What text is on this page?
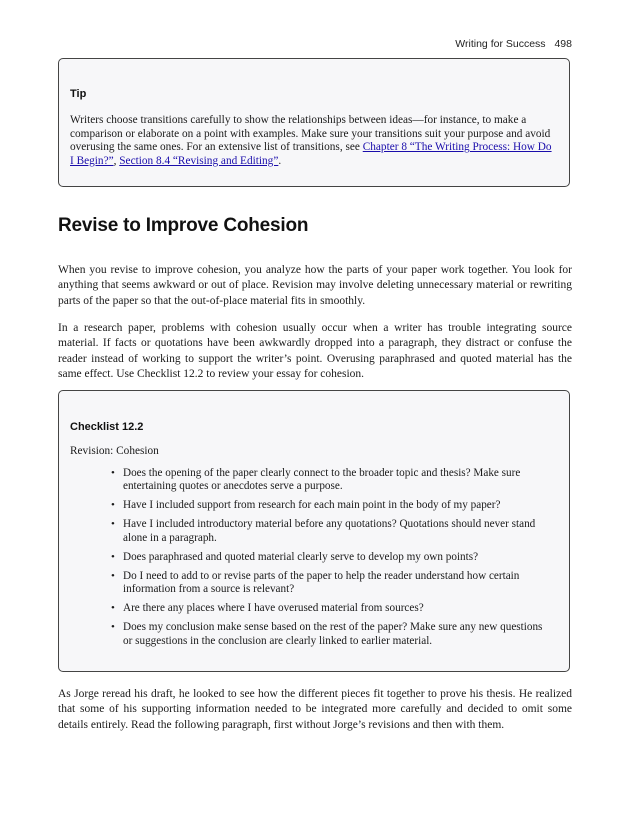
Writing for Success 498

Tip

Writers choose transitions carefully to show the relationships between ideas—for instance, to make a comparison or elaborate on a point with examples. Make sure your transitions suit your purpose and avoid overusing the same ones. For an extensive list of transitions, see Chapter 8 “The Writing Process: How Do I Begin?”, Section 8.4 “Revising and Editing”.

Revise to Improve Cohesion

When you revise to improve cohesion, you analyze how the parts of your paper work together. You look for anything that seems awkward or out of place. Revision may involve deleting unnecessary material or rewriting parts of the paper so that the out-of-place material fits in smoothly.

In a research paper, problems with cohesion usually occur when a writer has trouble integrating source material. If facts or quotations have been awkwardly dropped into a paragraph, they distract or confuse the reader instead of working to support the writer’s point. Overusing paraphrased and quoted material has the same effect. Use Checklist 12.2 to review your essay for cohesion.

Checklist 12.2

Revision: Cohesion

• Does the opening of the paper clearly connect to the broader topic and thesis? Make sure entertaining quotes or anecdotes serve a purpose.
• Have I included support from research for each main point in the body of my paper?
• Have I included introductory material before any quotations? Quotations should never stand alone in a paragraph.
• Does paraphrased and quoted material clearly serve to develop my own points?
• Do I need to add to or revise parts of the paper to help the reader understand how certain information from a source is relevant?
• Are there any places where I have overused material from sources?
• Does my conclusion make sense based on the rest of the paper? Make sure any new questions or suggestions in the conclusion are clearly linked to earlier material.

As Jorge reread his draft, he looked to see how the different pieces fit together to prove his thesis. He realized that some of his supporting information needed to be integrated more carefully and decided to omit some details entirely. Read the following paragraph, first without Jorge’s revisions and then with them.
